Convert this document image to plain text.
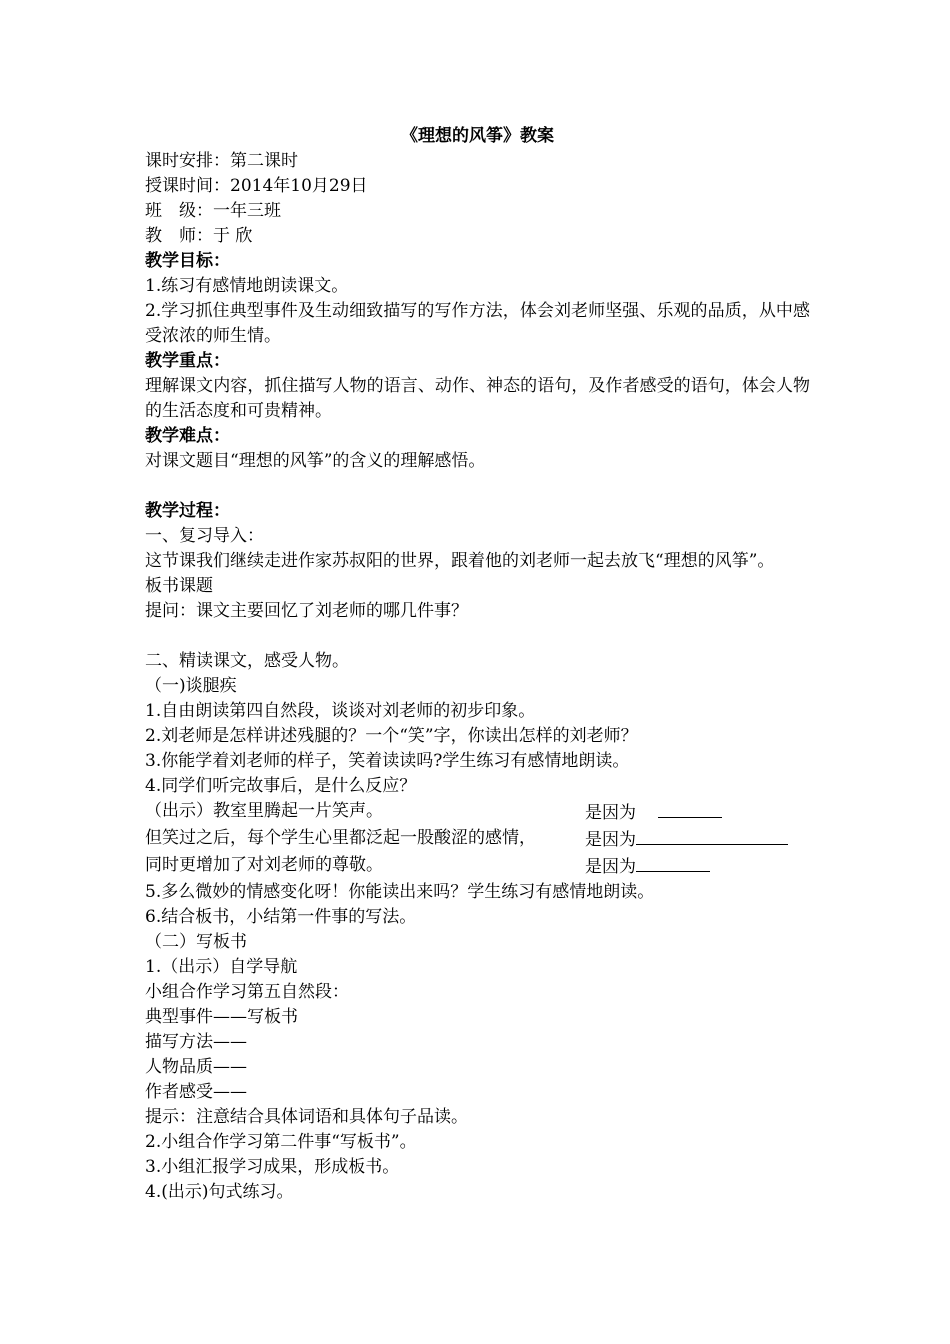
《理想的风筝》教案

课时安排：第二课时

授课时间：2014年10月29日

班　级：一年三班

教　师：于 欣

教学目标：

1.练习有感情地朗读课文。

2.学习抓住典型事件及生动细致描写的写作方法，体会刘老师坚强、乐观的品质，从中感受浓浓的师生情。

教学重点：

理解课文内容，抓住描写人物的语言、动作、神态的语句，及作者感受的语句，体会人物的生活态度和可贵精神。

教学难点：

对课文题目“理想的风筝”的含义的理解感悟。

教学过程：

一、复习导入：

这节课我们继续走进作家苏叔阳的世界，跟着他的刘老师一起去放飞“理想的风筝”。

板书课题

提问：课文主要回忆了刘老师的哪几件事？

二、精读课文，感受人物。

（一)谈腿疾

1.自由朗读第四自然段，谈谈对刘老师的初步印象。

2.刘老师是怎样讲述残腿的？一个“笑”字，你读出怎样的刘老师？

3.你能学着刘老师的样子，笑着读读吗?学生练习有感情地朗读。

4.同学们听完故事后，是什么反应？

（出示）教室里腾起一片笑声。	是因为
但笑过之后，每个学生心里都泛起一股酸涩的感情，	是因为
同时更增加了对刘老师的尊敬。	是因为

5.多么微妙的情感变化呀！你能读出来吗？学生练习有感情地朗读。

6.结合板书，小结第一件事的写法。

（二）写板书

1.（出示）自学导航

小组合作学习第五自然段：

典型事件——写板书

描写方法——

人物品质——

作者感受——

提示：注意结合具体词语和具体句子品读。

2.小组合作学习第二件事“写板书”。

3.小组汇报学习成果，形成板书。

4.(出示)句式练习。
